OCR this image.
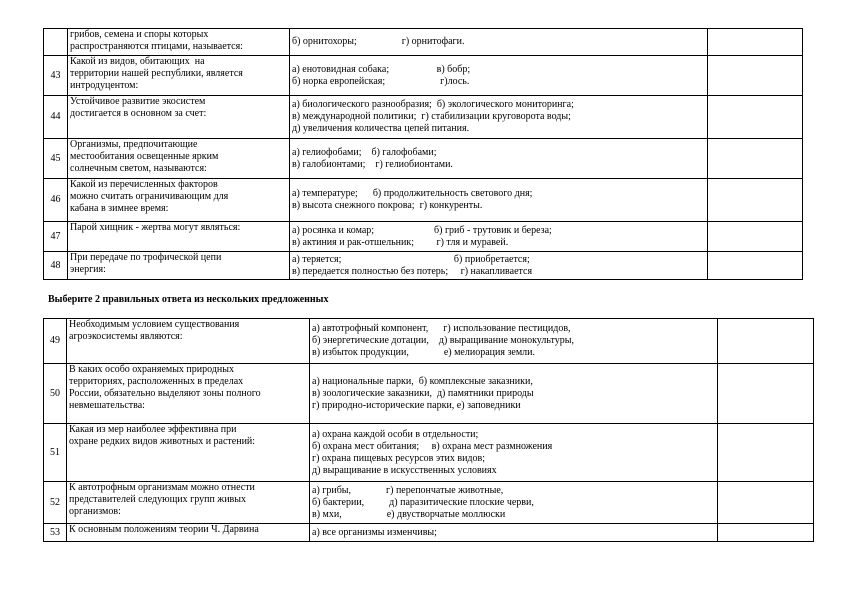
	грибов, семена и споры которых
распространяются птицами, называется:	б) орнитохоры;                  г) орнитофаги.	

43	Какой из видов, обитающих  на
территории нашей республики, является
интродуцентом:	а) енотовидная собака;                   в) бобр;
б) норка европейская;                      г)лось.	

44	Устойчивое развитие экосистем
достигается в основном за счет:	а) биологического разнообразия;  б) экологического мониторинга;
в) международной политики;  г) стабилизации круговорота воды;
д) увеличения количества цепей питания.	

45	Организмы, предпочитающие
местообитания освещенные ярким
солнечным светом, называются:	а) гелиофобами;    б) галофобами;
в) галобионтами;    г) гелиобионтами.	

46	Какой из перечисленных факторов
можно считать ограничивающим для
кабана в зимнее время:	а) температуре;      б) продолжительность светового дня;
в) высота снежного покрова;  г) конкуренты.	

47	Парой хищник - жертва могут являться:	а) росянка и комар;                        б) гриб - трутовик и береза;
в) актиния и рак-отшельник;         г) тля и муравей.	

48	При передаче по трофической цепи
энергия:	а) теряется;                                             б) приобретается;
в) передается полностью без потерь;     г) накапливается	

Выберите 2 правильных ответа из нескольких предложенных
49	Необходимым условием существования
агроэкосистемы являются:	а) автотрофный компонент,      г) использование пестицидов,
б) энергетические дотации,    д) выращивание монокультуры,
в) избыток продукции,              е) мелиорация земли.	

50	В каких особо охраняемых природных
территориях, расположенных в пределах
России, обязательно выделяют зоны полного
невмешательства:	а) национальные парки,  б) комплексные заказники,
в) зоологические заказники,  д) памятники природы
г) природно-исторические парки, е) заповедники	

51	Какая из мер наиболее эффективна при
охране редких видов животных и растений:	а) охрана каждой особи в отдельности;
б) охрана мест обитания;     в) охрана мест размножения
г) охрана пищевых ресурсов этих видов;
д) выращивание в искусственных условиях	

52	К автотрофным организмам можно отнести
представителей следующих групп живых
организмов:	а) грибы,              г) перепончатые животные,
б) бактерии,          д) паразитические плоские черви,
в) мхи,                  е) двустворчатые моллюски	

53	К основным положениям теории Ч. Дарвина	а) все организмы изменчивы;	
